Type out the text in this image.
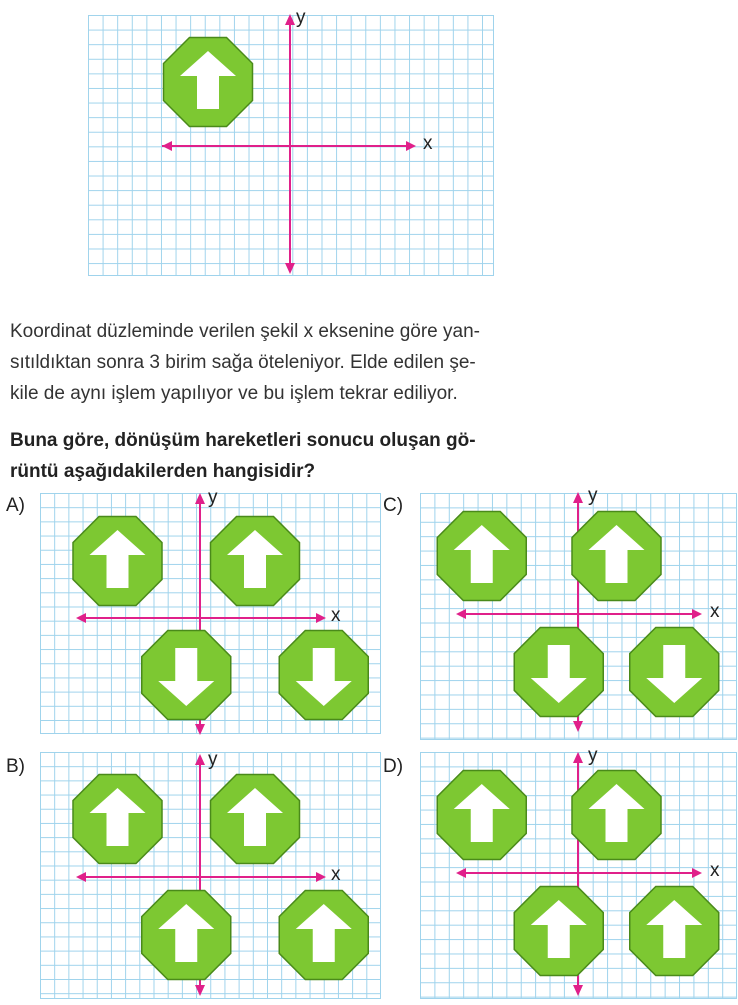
y
x
Koordinat düzleminde verilen şekil x eksenine göre yan-
sıtıldıktan sonra 3 birim sağa öteleniyor. Elde edilen şe-
kile de aynı işlem yapılıyor ve bu işlem tekrar ediliyor.
Buna göre, dönüşüm hareketleri sonucu oluşan gö-
rüntü aşağıdakilerden hangisidir?
A)	y
x
C)	y
x
B)	y
x
D)
y
x
